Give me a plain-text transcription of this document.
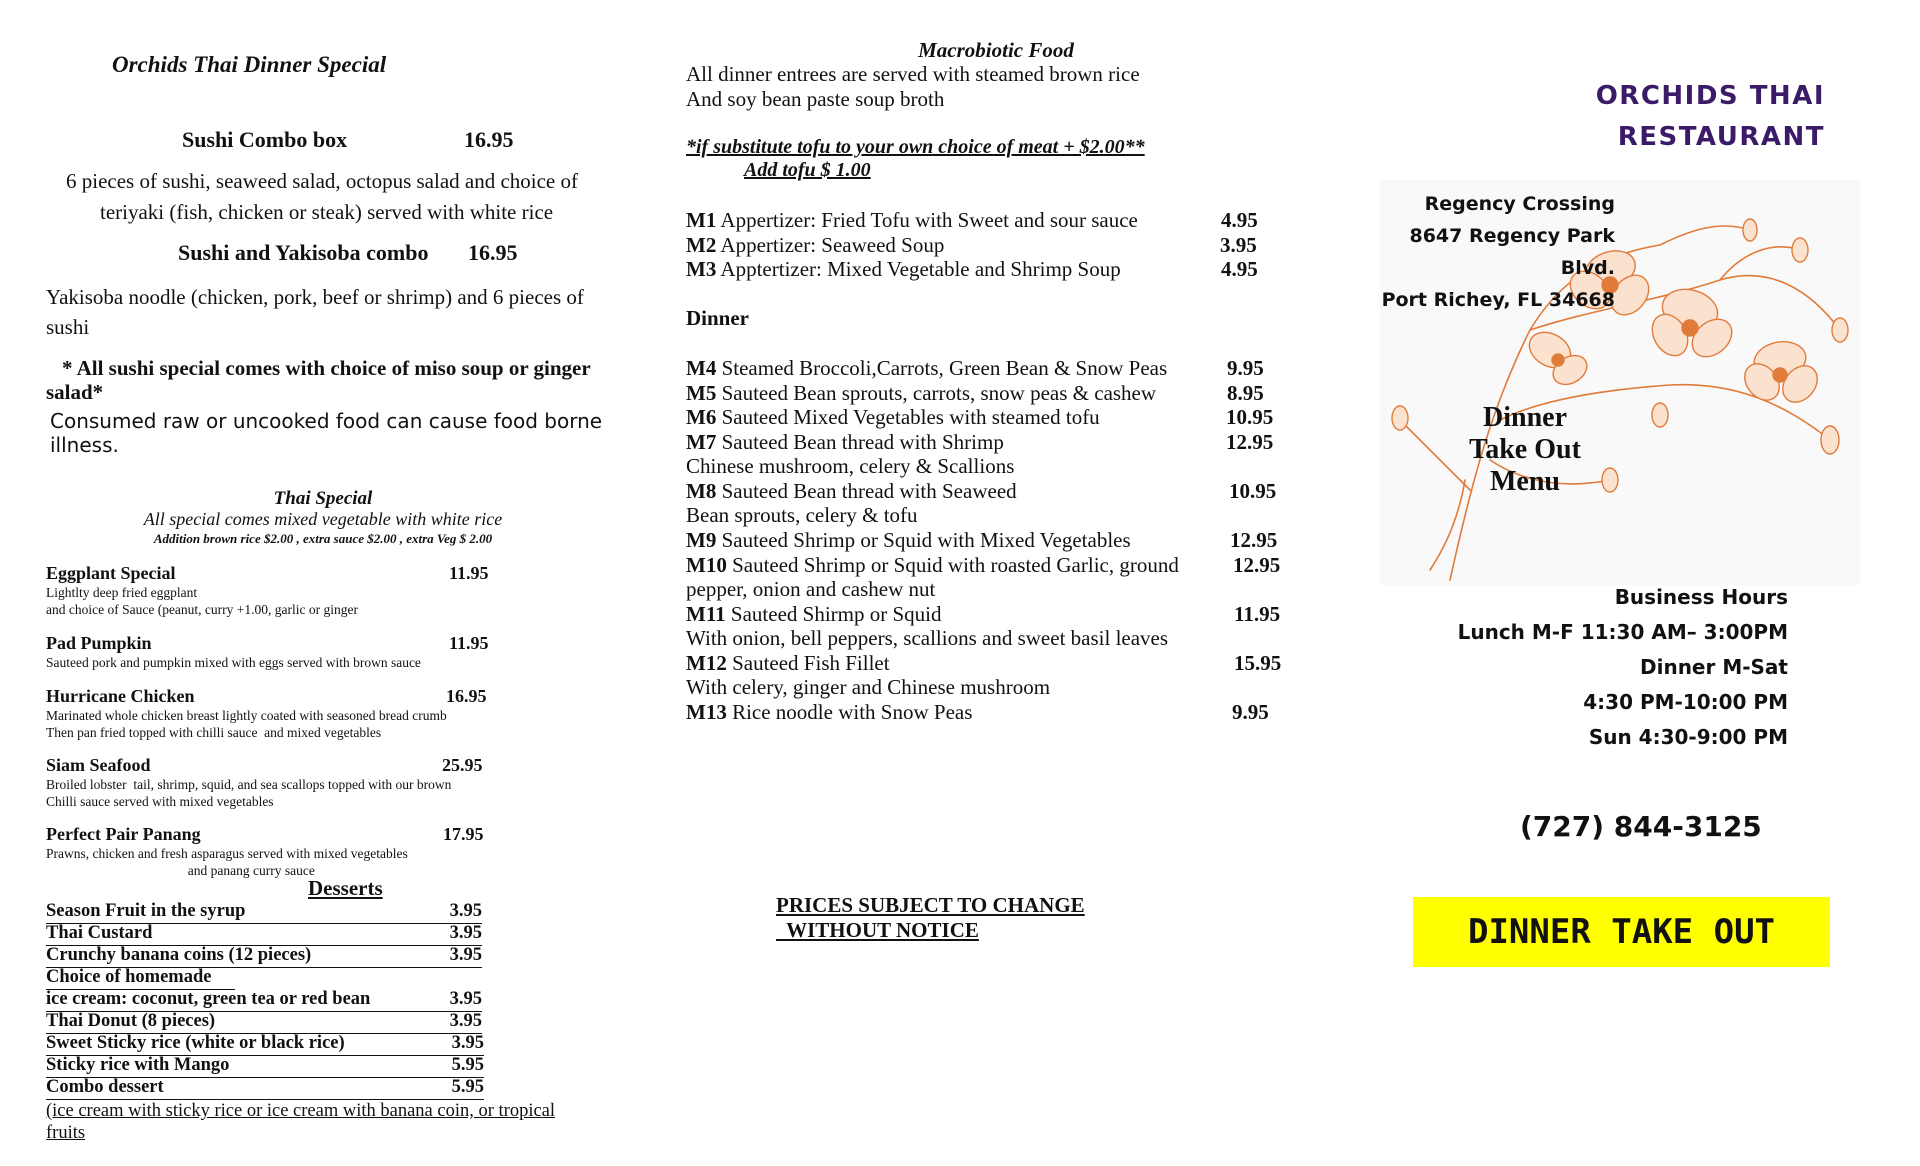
Orchids Thai Dinner Special
Sushi Combo box	16.95
6 pieces of sushi, seaweed salad, octopus salad and choice of
teriyaki (fish, chicken or steak) served with white rice
Sushi and Yakisoba combo 16.95
Yakisoba noodle (chicken, pork, beef or shrimp) and 6 pieces of
sushi
* All sushi special comes with choice of miso soup or ginger
salad*
Consumed raw or uncooked food can cause food borne illness.
Thai Special
All special comes mixed vegetable with white rice
Addition brown rice $2.00 , extra sauce $2.00 , extra Veg $ 2.00
Eggplant Special	11.95
Lightlty deep fried eggplant
and choice of Sauce (peanut, curry +1.00, garlic or ginger
Pad Pumpkin	11.95
Sauteed pork and pumpkin mixed with eggs served with brown sauce
Hurricane Chicken	16.95
Marinated whole chicken breast lightly coated with seasoned bread crumb
Then pan fried topped with chilli sauce  and mixed vegetables
Siam Seafood	25.95
Broiled lobster  tail, shrimp, squid, and sea scallops topped with our brown
Chilli sauce served with mixed vegetables
Perfect Pair Panang	17.95
Prawns, chicken and fresh asparagus served with mixed vegetables
and panang curry sauce
Desserts
Season Fruit in the syrup	3.95
Thai Custard	3.95
Crunchy banana coins (12 pieces)	3.95
Choice of homemade
ice cream: coconut, green tea or red bean	3.95
Thai Donut (8 pieces)	3.95
Sweet Sticky rice (white or black rice)	3.95
Sticky rice with Mango	5.95
Combo dessert	5.95
(ice cream with sticky rice or ice cream with banana coin, or tropical
fruits
Macrobiotic Food
All dinner entrees are served with steamed brown rice
And soy bean paste soup broth
*if substitute tofu to your own choice of meat + $2.00**
Add tofu $ 1.00
M1 Appertizer: Fried Tofu with Sweet and sour sauce	4.95
M2 Appertizer: Seaweed Soup	3.95
M3 Apptertizer: Mixed Vegetable and Shrimp Soup	4.95
Dinner
M4 Steamed Broccoli,Carrots, Green Bean & Snow Peas	9.95
M5 Sauteed Bean sprouts, carrots, snow peas & cashew	8.95
M6 Sauteed Mixed Vegetables with steamed tofu	10.95
M7 Sauteed Bean thread with Shrimp	12.95
Chinese mushroom, celery & Scallions
M8 Sauteed Bean thread with Seaweed	10.95
Bean sprouts, celery & tofu
M9 Sauteed Shrimp or Squid with Mixed Vegetables	12.95
M10 Sauteed Shrimp or Squid with roasted Garlic, ground	12.95
pepper, onion and cashew nut
M11 Sauteed Shirmp or Squid	11.95
With onion, bell peppers, scallions and sweet basil leaves
M12 Sauteed Fish Fillet	15.95
With celery, ginger and Chinese mushroom
M13 Rice noodle with Snow Peas	9.95
PRICES SUBJECT TO CHANGE
WITHOUT NOTICE
ORCHIDS THAI
RESTAURANT
Regency Crossing
8647 Regency Park Blvd.
Port Richey, FL 34668
Dinner
Take Out
Menu
Business Hours
Lunch M-F 11:30 AM– 3:00PM
Dinner M-Sat
4:30 PM-10:00 PM
Sun 4:30-9:00 PM
(727) 844-3125
DINNER TAKE OUT
